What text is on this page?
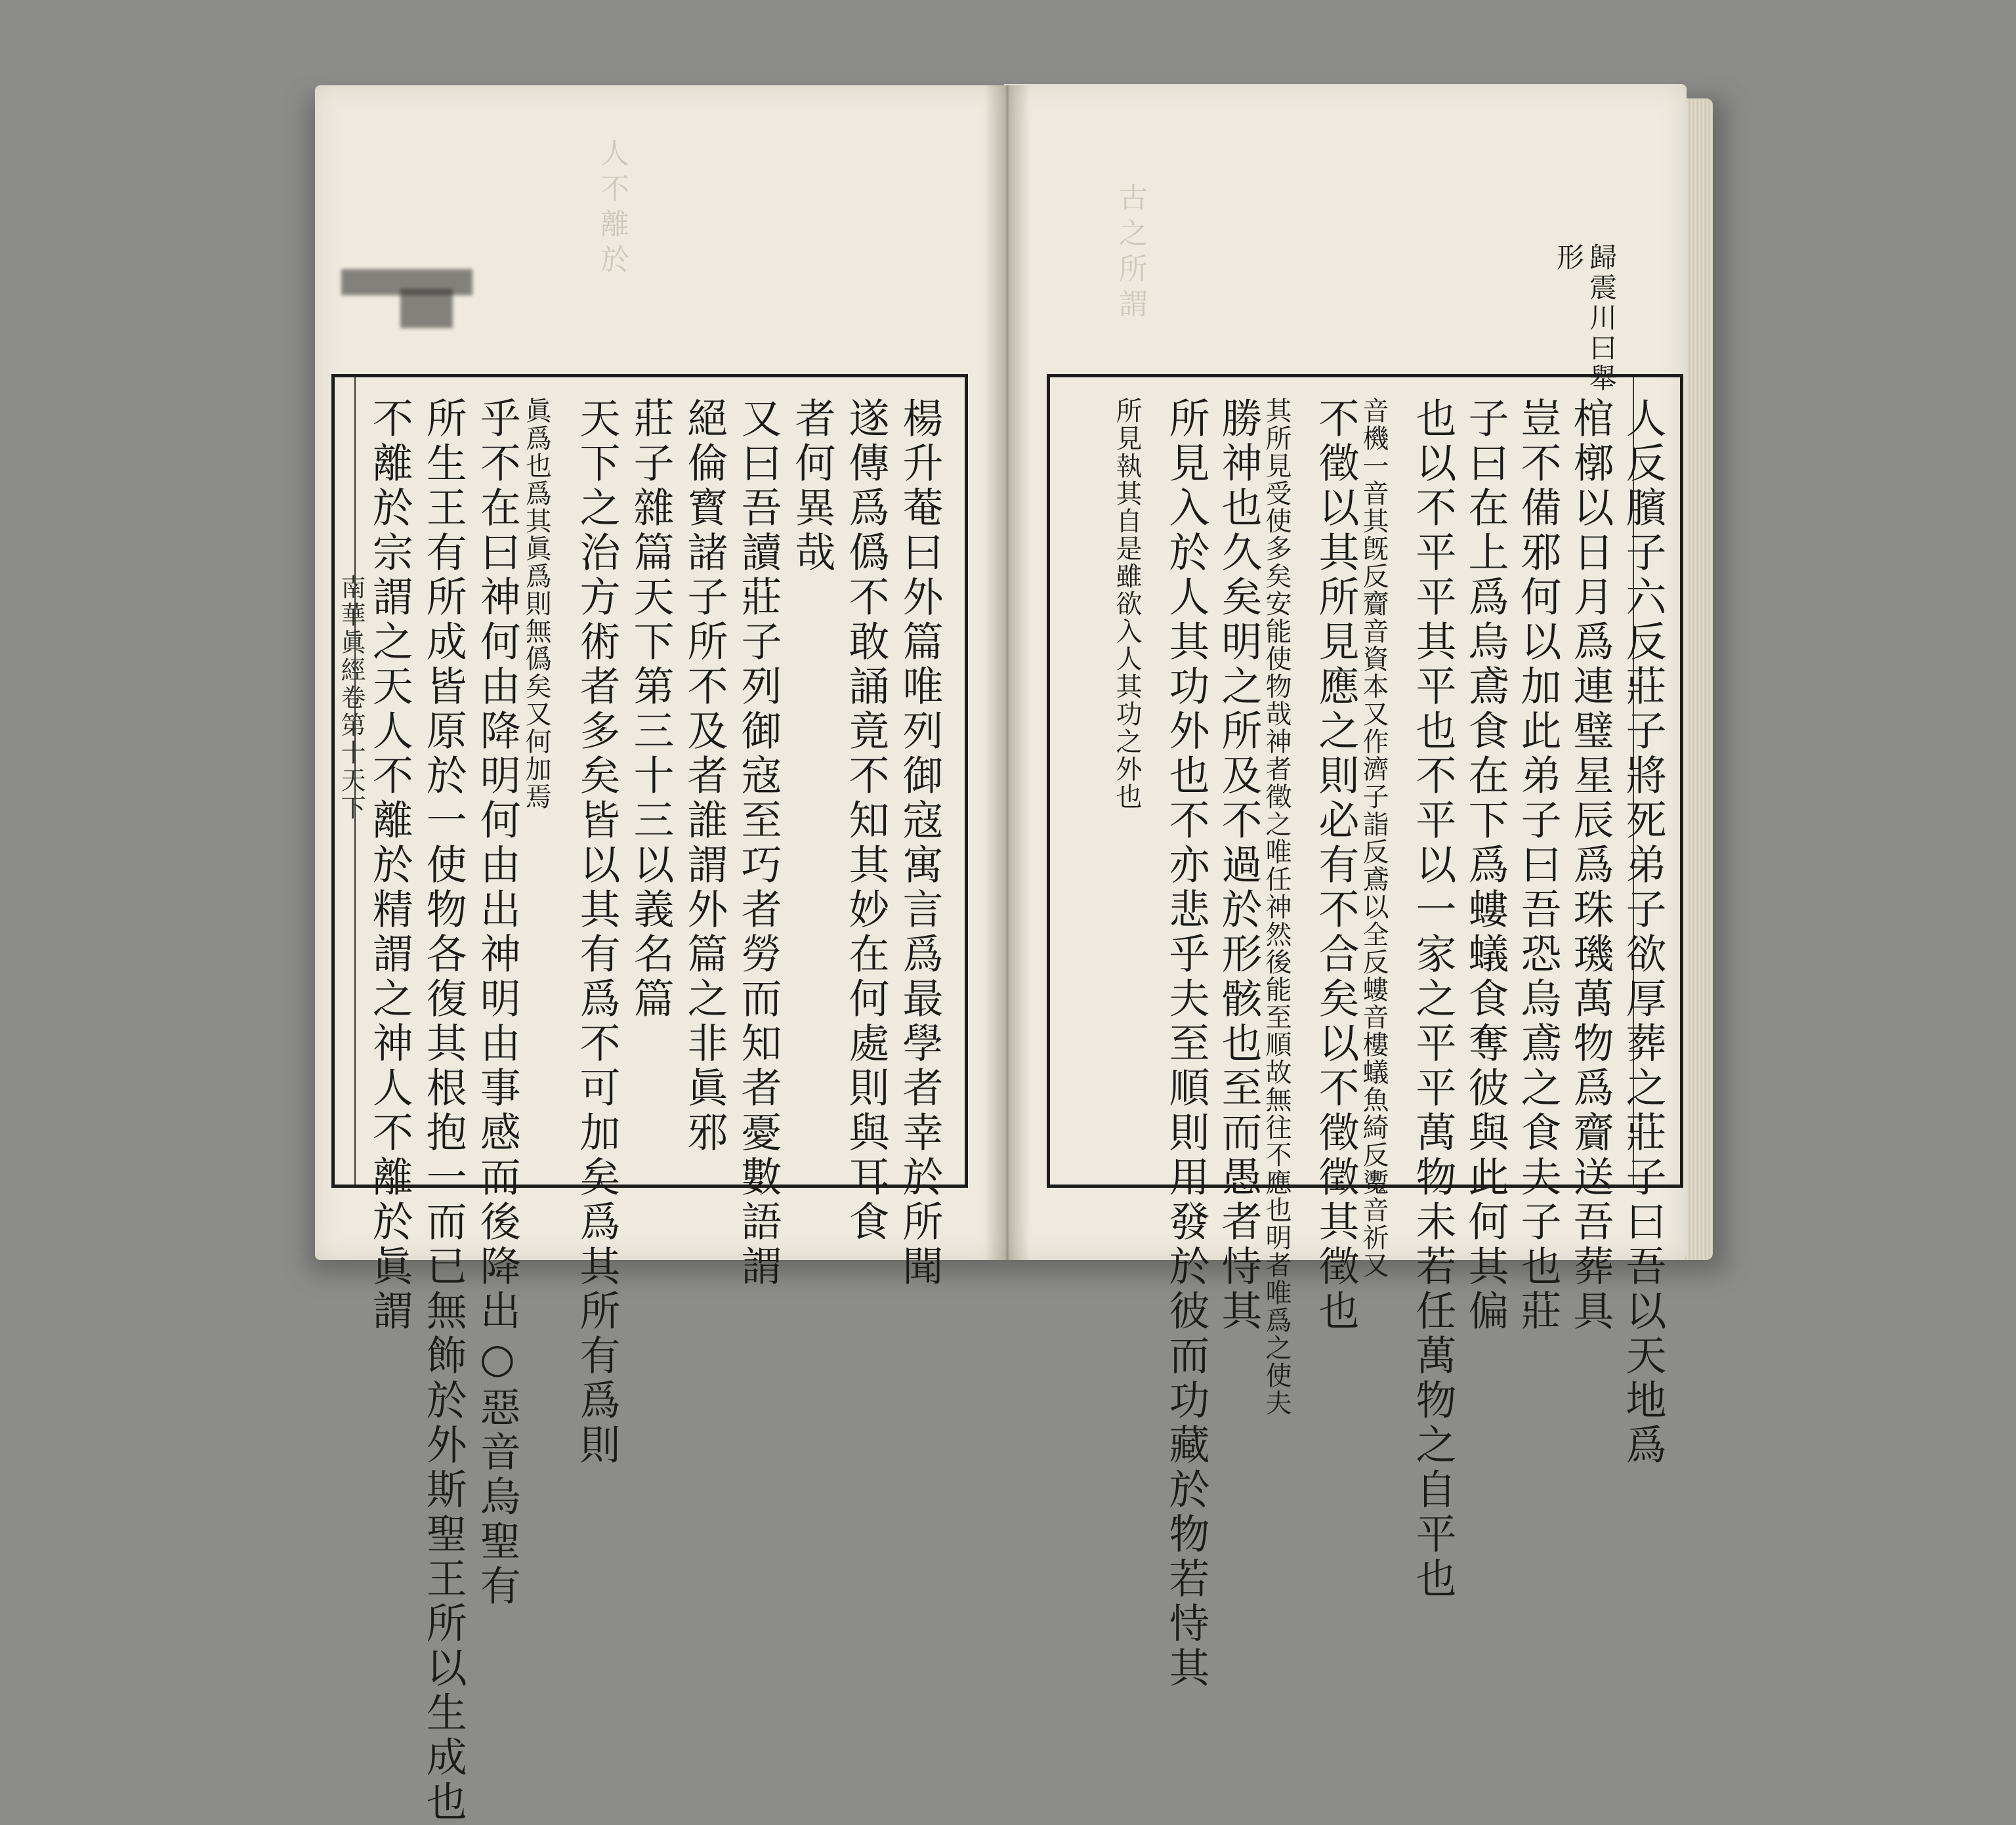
人不離於	古之所謂	歸震川曰舉
形
人反臏子六反莊子將死弟子欲厚葬之莊子曰吾以天地爲
棺槨以日月爲連璧星辰爲珠璣萬物爲齎送吾葬具
豈不備邪何以加此弟子曰吾恐烏鳶之食夫子也莊
子曰在上爲烏鳶食在下爲螻蟻食奪彼與此何其偏
也以不平平其平也不平以一家之平平萬物未若任萬物之自平也
音機一音其旣反齎音資本又作濟子詣反鳶以全反螻音樓蟻魚綺反魙音祈又
不徵以其所見應之則必有不合矣以不徵徵其徵也
其所見受使多矣安能使物哉神者徵之唯任神然後能至順故無往不應也明者唯爲之使夫
勝神也久矣明之所及不過於形骸也至而愚者恃其
所見入於人其功外也不亦悲乎夫至順則用發於彼而功藏於物若恃其
所見執其自是雖欲入人其功之外也
南華眞經卷第十天下	楊升菴曰外篇唯列御寇寓言爲最學者幸於所聞
遂傳爲僞不敢誦竟不知其妙在何處則與耳食
者何異哉
又曰吾讀莊子列御寇至巧者勞而知者憂數語謂
絕倫寳諸子所不及者誰謂外篇之非眞邪
莊子雜篇天下第三十三以義名篇
天下之治方術者多矣皆以其有爲不可加矣爲其所有爲則
眞爲也爲其眞爲則無僞矣又何加焉
乎不在曰神何由降明何由出神明由事感而後降出○惡音烏聖有
所生王有所成皆原於一使物各復其根抱一而已無飾於外斯聖王所以生成也
不離於宗謂之天人不離於精謂之神人不離於眞謂
